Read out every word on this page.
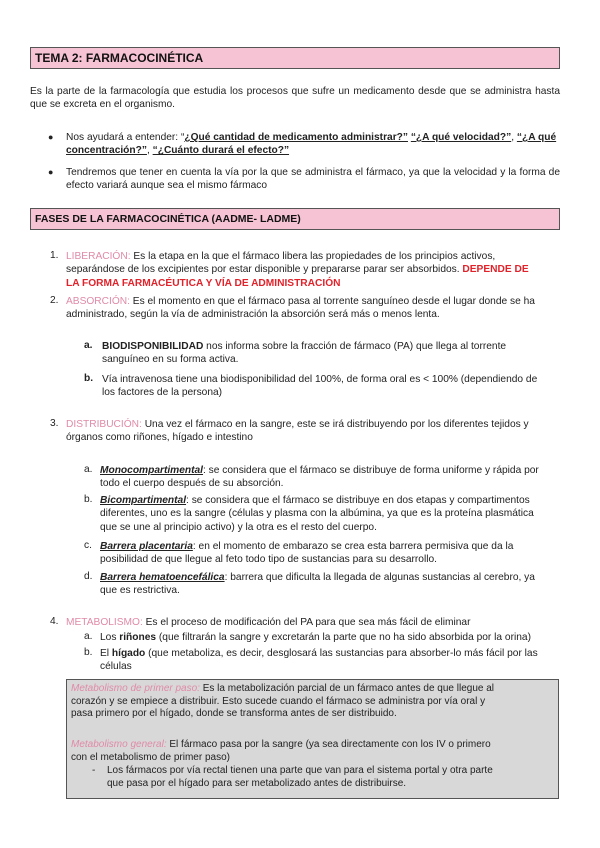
TEMA 2: FARMACOCINÉTICA
Es la parte de la farmacología que estudia los procesos que sufre un medicamento desde que se administra hasta que se excreta en el organismo.
● Nos ayudará a entender: “¿Qué cantidad de medicamento administrar?” “¿A qué velocidad?”, “¿A qué
concentración?”, “¿Cuánto durará el efecto?”
● Tendremos que tener en cuenta la vía por la que se administra el fármaco, ya que la velocidad y la forma de efecto variará aunque sea el mismo fármaco
FASES DE LA FARMACOCINÉTICA (AADME- LADME)
1. LIBERACIÓN: Es la etapa en la que el fármaco libera las propiedades de los principios activos,
separándose de los excipientes por estar disponible y prepararse parar ser absorbidos. DEPENDE DE
LA FORMA FARMACÉUTICA Y VÍA DE ADMINISTRACIÓN
2. ABSORCIÓN: Es el momento en que el fármaco pasa al torrente sanguíneo desde el lugar donde se ha
administrado, según la vía de administración la absorción será más o menos lenta.
a. BIODISPONIBILIDAD nos informa sobre la fracción de fármaco (PA) que llega al torrente
sanguíneo en su forma activa.
b. Vía intravenosa tiene una biodisponibilidad del 100%, de forma oral es < 100% (dependiendo de
los factores de la persona)
3. DISTRIBUCIÓN: Una vez el fármaco en la sangre, este se irá distribuyendo por los diferentes tejidos y
órganos como riñones, hígado e intestino
a. Monocompartimental: se considera que el fármaco se distribuye de forma uniforme y rápida por
todo el cuerpo después de su absorción.
b. Bicompartimental: se considera que el fármaco se distribuye en dos etapas y compartimentos
diferentes, uno es la sangre (células y plasma con la albúmina, ya que es la proteína plasmática
que se une al principio activo) y la otra es el resto del cuerpo.
c. Barrera placentaria: en el momento de embarazo se crea esta barrera permisiva que da la
posibilidad de que llegue al feto todo tipo de sustancias para su desarrollo.
d. Barrera hematoencefálica: barrera que dificulta la llegada de algunas sustancias al cerebro, ya
que es restrictiva.
4. METABOLISMO: Es el proceso de modificación del PA para que sea más fácil de eliminar
a. Los riñones (que filtrarán la sangre y excretarán la parte que no ha sido absorbida por la orina)
b. El hígado (que metaboliza, es decir, desglosará las sustancias para absorber-lo más fácil por las
células
Metabolismo de primer paso: Es la metabolización parcial de un fármaco antes de que llegue al
corazón y se empiece a distribuir. Esto sucede cuando el fármaco se administra por vía oral y
pasa primero por el hígado, donde se transforma antes de ser distribuido.
Metabolismo general: El fármaco pasa por la sangre (ya sea directamente con los IV o primero
con el metabolismo de primer paso)
- Los fármacos por vía rectal tienen una parte que van para el sistema portal y otra parte
que pasa por el hígado para ser metabolizado antes de distribuirse.
